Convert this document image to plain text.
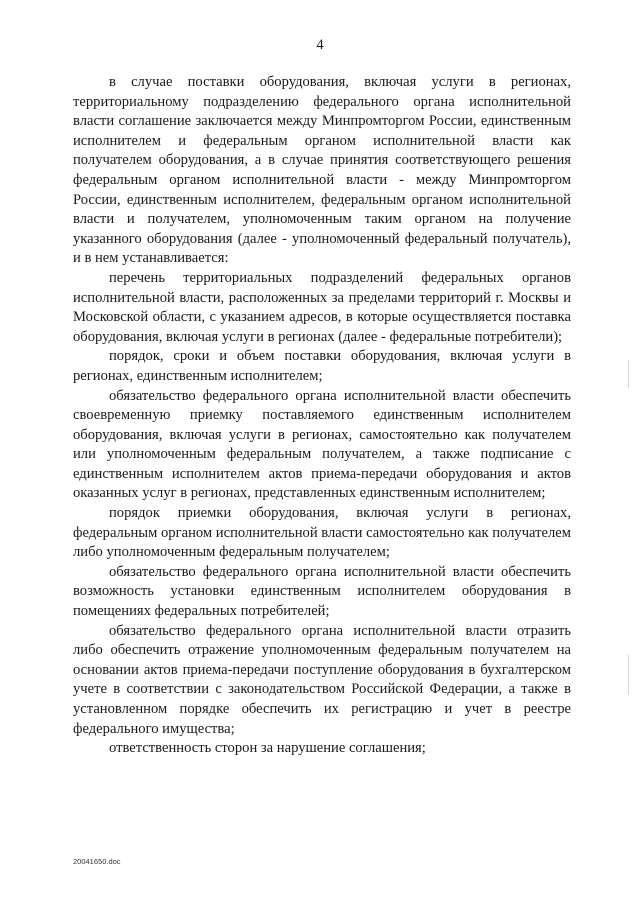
4

в случае поставки оборудования, включая услуги в регионах, территориальному подразделению федерального органа исполнительной власти соглашение заключается между Минпромторгом России, единственным исполнителем и федеральным органом исполнительной власти как получателем оборудования, а в случае принятия соответствующего решения федеральным органом исполнительной власти - между Минпромторгом России, единственным исполнителем, федеральным органом исполнительной власти и получателем, уполномоченным таким органом на получение указанного оборудования (далее - уполномоченный федеральный получатель), и в нем устанавливается:

перечень территориальных подразделений федеральных органов исполнительной власти, расположенных за пределами территорий г. Москвы и Московской области, с указанием адресов, в которые осуществляется поставка оборудования, включая услуги в регионах (далее - федеральные потребители);

порядок, сроки и объем поставки оборудования, включая услуги в регионах, единственным исполнителем;

обязательство федерального органа исполнительной власти обеспечить своевременную приемку поставляемого единственным исполнителем оборудования, включая услуги в регионах, самостоятельно как получателем или уполномоченным федеральным получателем, а также подписание с единственным исполнителем актов приема-передачи оборудования и актов оказанных услуг в регионах, представленных единственным исполнителем;

порядок приемки оборудования, включая услуги в регионах, федеральным органом исполнительной власти самостоятельно как получателем либо уполномоченным федеральным получателем;

обязательство федерального органа исполнительной власти обеспечить возможность установки единственным исполнителем оборудования в помещениях федеральных потребителей;

обязательство федерального органа исполнительной власти отразить либо обеспечить отражение уполномоченным федеральным получателем на основании актов приема-передачи поступление оборудования в бухгалтерском учете в соответствии с законодательством Российской Федерации, а также в установленном порядке обеспечить их регистрацию и учет в реестре федерального имущества;

ответственность сторон за нарушение соглашения;

20041650.doc
